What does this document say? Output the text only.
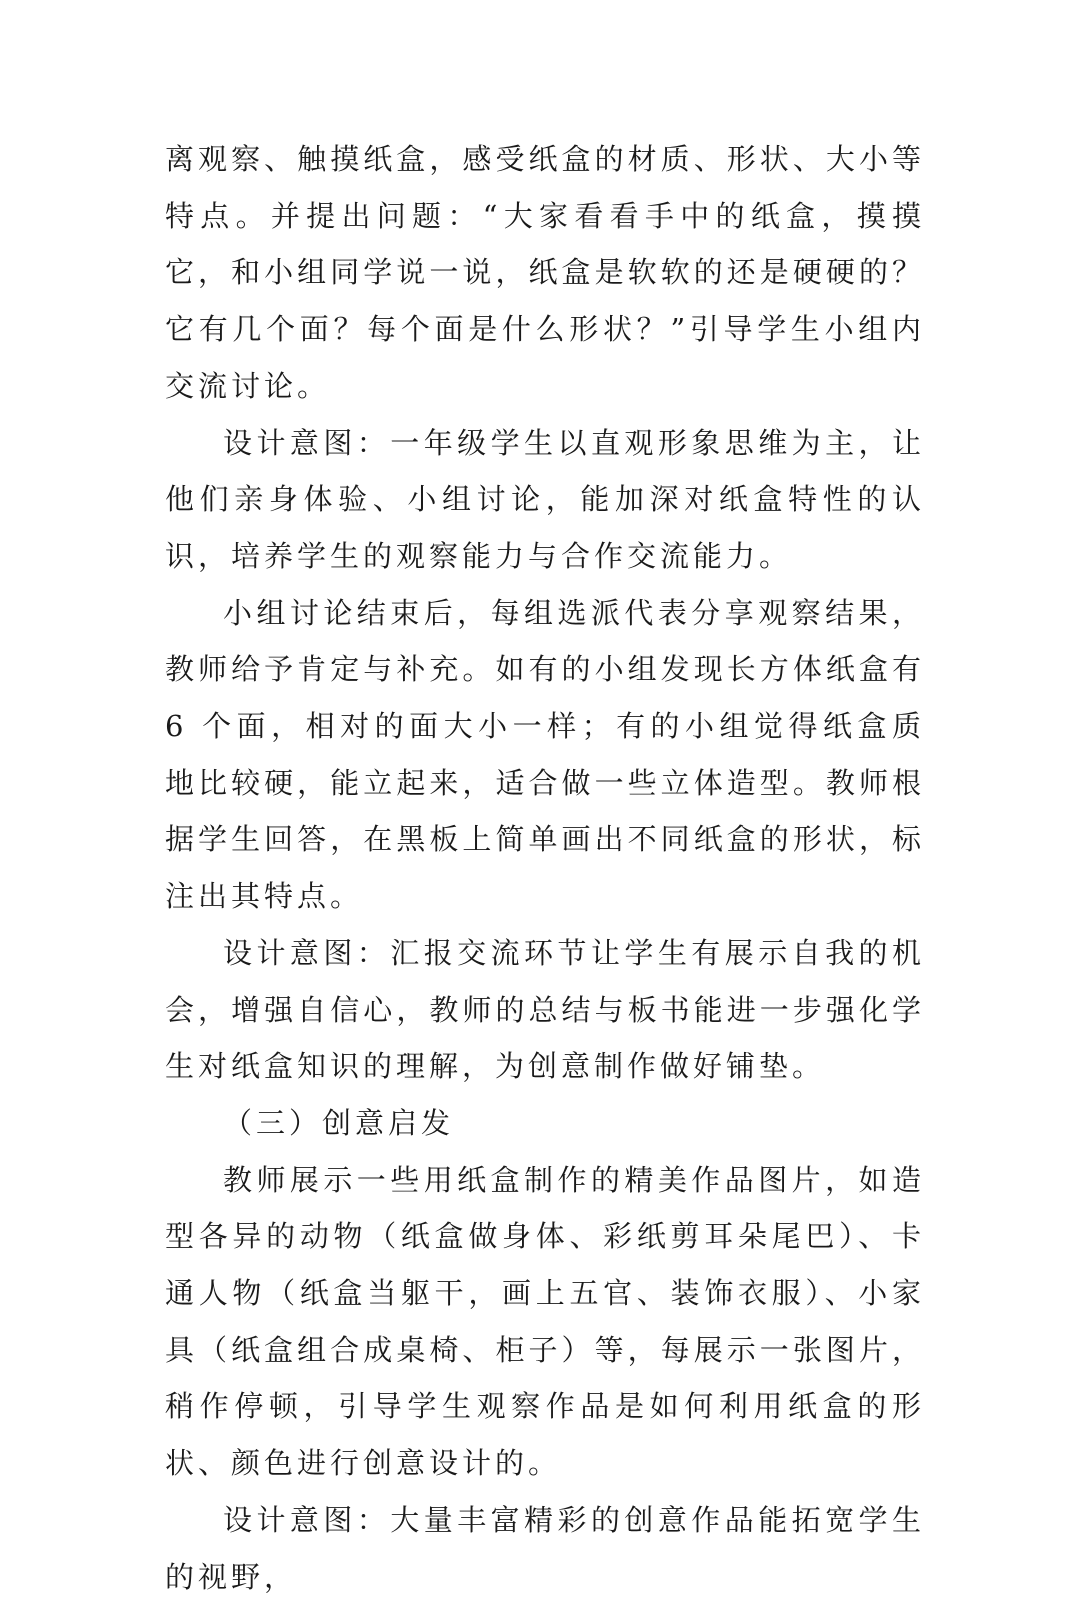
离观察、触摸纸盒，感受纸盒的材质、形状、大小等特点。并提出问题：“大家看看手中的纸盒，摸摸它，和小组同学说一说，纸盒是软软的还是硬硬的？它有几个面？每个面是什么形状？”引导学生小组内交流讨论。

设计意图：一年级学生以直观形象思维为主，让他们亲身体验、小组讨论，能加深对纸盒特性的认识，培养学生的观察能力与合作交流能力。

小组讨论结束后，每组选派代表分享观察结果，教师给予肯定与补充。如有的小组发现长方体纸盒有 6 个面，相对的面大小一样；有的小组觉得纸盒质地比较硬，能立起来，适合做一些立体造型。教师根据学生回答，在黑板上简单画出不同纸盒的形状，标注出其特点。

设计意图：汇报交流环节让学生有展示自我的机会，增强自信心，教师的总结与板书能进一步强化学生对纸盒知识的理解，为创意制作做好铺垫。

（三）创意启发

教师展示一些用纸盒制作的精美作品图片，如造型各异的动物（纸盒做身体、彩纸剪耳朵尾巴）、卡通人物（纸盒当躯干，画上五官、装饰衣服）、小家具（纸盒组合成桌椅、柜子）等，每展示一张图片，稍作停顿，引导学生观察作品是如何利用纸盒的形状、颜色进行创意设计的。

设计意图：大量丰富精彩的创意作品能拓宽学生的视野，
